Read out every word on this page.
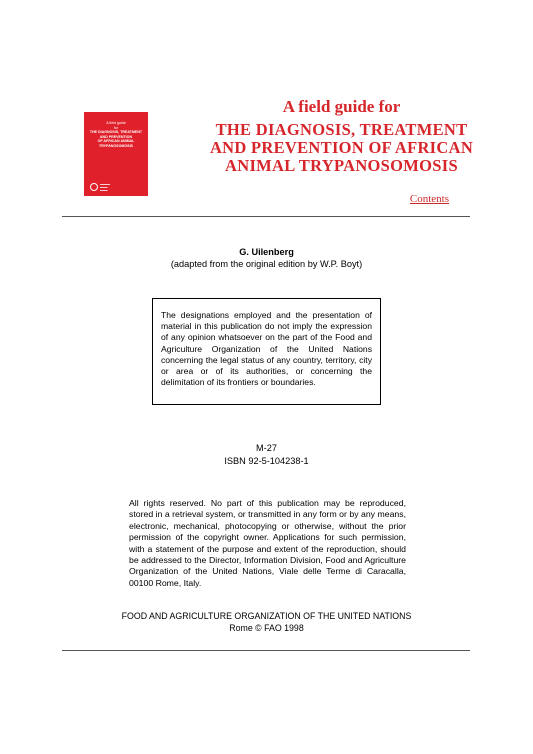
A field guide
for
THE DIAGNOSIS, TREATMENT
AND PREVENTION
OF AFRICAN ANIMAL
TRYPANOSOMOSIS
▬▬▬▬
▬▬▬
▬▬▬
A field guide for
THE DIAGNOSIS, TREATMENT
AND PREVENTION OF AFRICAN
ANIMAL TRYPANOSOMOSIS
Contents
G. Uilenberg
(adapted from the original edition by W.P. Boyt)
The designations employed and the presentation of material in this publication do not imply the expression of any opinion whatsoever on the part of the Food and Agriculture Organization of the United Nations concerning the legal status of any country, territory, city or area or of its authorities, or concerning the delimitation of its frontiers or boundaries.
M-27
ISBN 92-5-104238-1
All rights reserved. No part of this publication may be reproduced, stored in a retrieval system, or transmitted in any form or by any means, electronic, mechanical, photocopying or otherwise, without the prior permission of the copyright owner. Applications for such permission, with a statement of the purpose and extent of the reproduction, should be addressed to the Director, Information Division, Food and Agriculture Organization of the United Nations, Viale delle Terme di Caracalla, 00100 Rome, Italy.
FOOD AND AGRICULTURE ORGANIZATION OF THE UNITED NATIONS
Rome © FAO 1998
